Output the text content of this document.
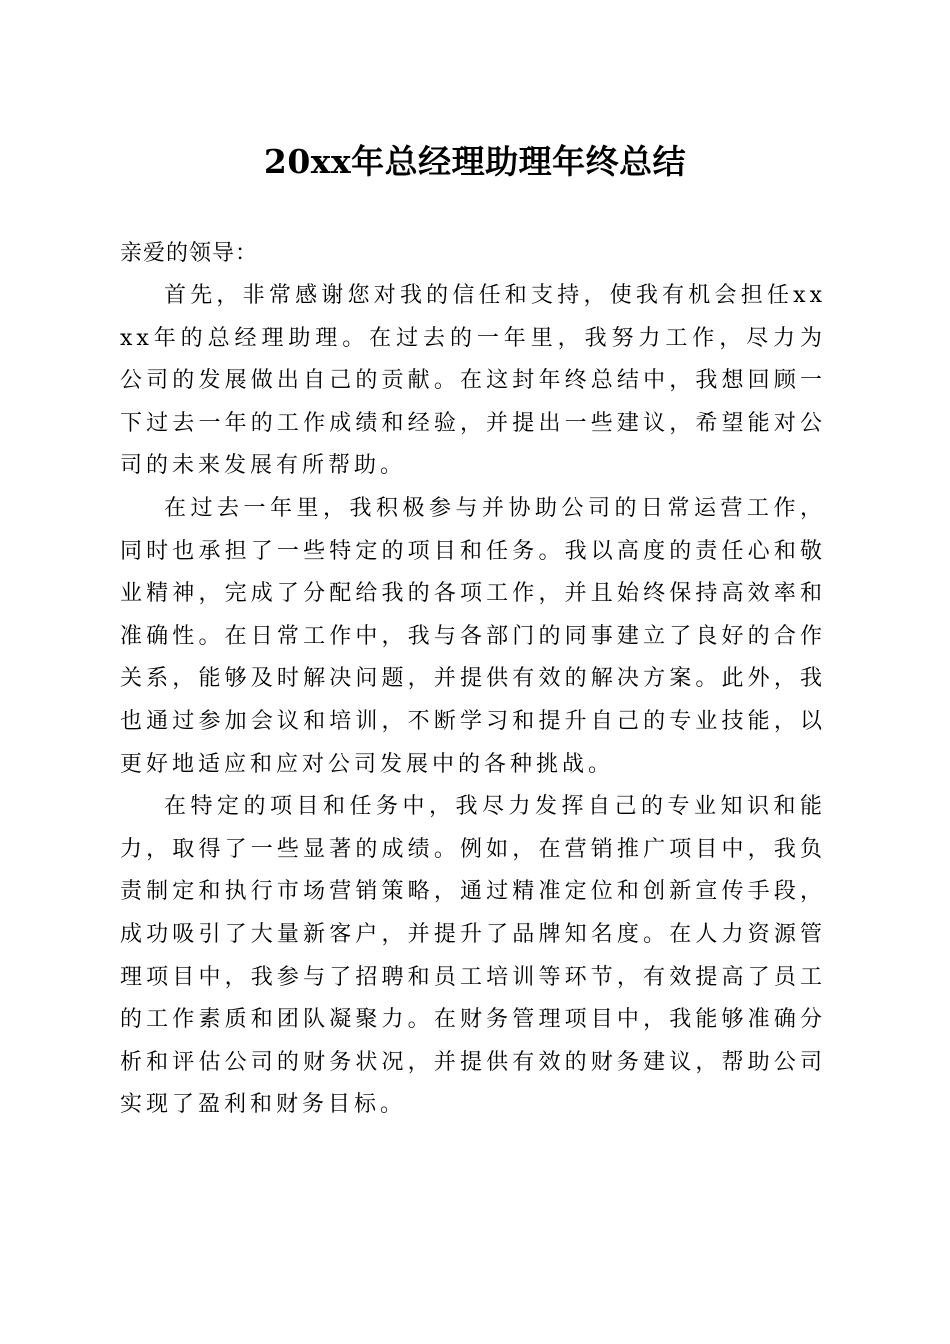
20xx年总经理助理年终总结

亲爱的领导：

首先，非常感谢您对我的信任和支持，使我有机会担任xxxx年的总经理助理。在过去的一年里，我努力工作，尽力为公司的发展做出自己的贡献。在这封年终总结中，我想回顾一下过去一年的工作成绩和经验，并提出一些建议，希望能对公司的未来发展有所帮助。

在过去一年里，我积极参与并协助公司的日常运营工作，同时也承担了一些特定的项目和任务。我以高度的责任心和敬业精神，完成了分配给我的各项工作，并且始终保持高效率和准确性。在日常工作中，我与各部门的同事建立了良好的合作关系，能够及时解决问题，并提供有效的解决方案。此外，我也通过参加会议和培训，不断学习和提升自己的专业技能，以更好地适应和应对公司发展中的各种挑战。

在特定的项目和任务中，我尽力发挥自己的专业知识和能力，取得了一些显著的成绩。例如，在营销推广项目中，我负责制定和执行市场营销策略，通过精准定位和创新宣传手段，成功吸引了大量新客户，并提升了品牌知名度。在人力资源管理项目中，我参与了招聘和员工培训等环节，有效提高了员工的工作素质和团队凝聚力。在财务管理项目中，我能够准确分析和评估公司的财务状况，并提供有效的财务建议，帮助公司实现了盈利和财务目标。
